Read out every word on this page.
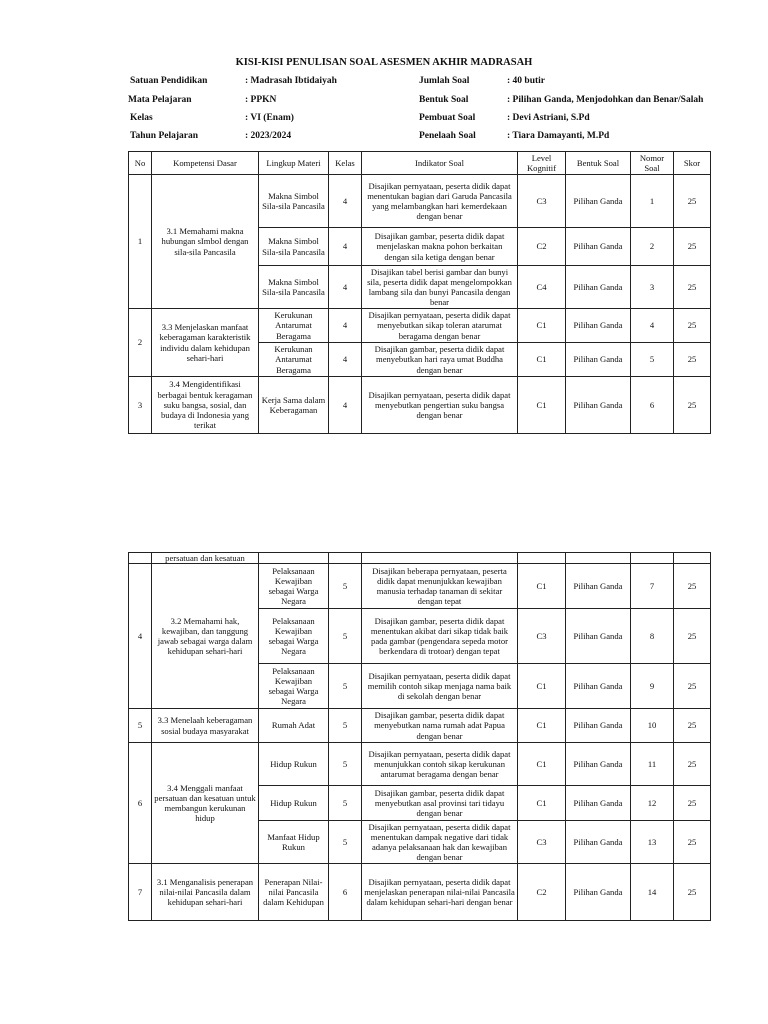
KISI-KISI PENULISAN SOAL ASESMEN AKHIR MADRASAH
Satuan Pendidikan	: Madrasah Ibtidaiyah
Mata Pelajaran	: PPKN
Kelas	: VI (Enam)
Tahun Pelajaran	: 2023/2024
Jumlah Soal	: 40 butir
Bentuk Soal	: Pilihan Ganda, Menjodohkan dan Benar/Salah
Pembuat Soal	: Devi Astriani, S.Pd
Penelaah Soal	: Tiara Damayanti, M.Pd
No	Kompetensi Dasar	Lingkup Materi	Kelas	Indikator Soal	Level Kognitif	Bentuk Soal	Nomor Soal	Skor
1	3.1 Memahami makna hubungan sImbol dengan sila-sila Pancasila	Makna Simbol Sila-sila Pancasila	4	Disajikan pernyataan, peserta didik dapat menentukan bagian dari Garuda Pancasila yang melambangkan hari kemerdekaan dengan benar	C3	Pilihan Ganda	1	25
		Makna Simbol Sila-sila Pancasila	4	Disajikan gambar, peserta didik dapat menjelaskan makna pohon berkaitan dengan sila ketiga dengan benar	C2	Pilihan Ganda	2	25
		Makna Simbol Sila-sila Pancasila	4	Disajikan tabel berisi gambar dan bunyi sila, peserta didik dapat mengelompokkan lambang sila dan bunyi Pancasila dengan benar	C4	Pilihan Ganda	3	25
2	3.3 Menjelaskan manfaat keberagaman karakteristik individu dalam kehidupan sehari-hari	Kerukunan Antarumat Beragama	4	Disajikan pernyataan, peserta didik dapat menyebutkan sikap toleran atarumat beragama dengan benar	C1	Pilihan Ganda	4	25
		Kerukunan Antarumat Beragama	4	Disajikan gambar, peserta didik dapat menyebutkan hari raya umat Buddha dengan benar	C1	Pilihan Ganda	5	25
3	3.4 Mengidentifikasi berbagai bentuk keragaman suku bangsa, sosial, dan budaya di Indonesia yang terikat	Kerja Sama dalam Keberagaman	4	Disajikan pernyataan, peserta didik dapat menyebutkan pengertian suku bangsa dengan benar	C1	Pilihan Ganda	6	25
	persatuan dan kesatuan							
4	3.2 Memahami hak, kewajiban, dan tanggung jawab sebagai warga dalam kehidupan sehari-hari	Pelaksanaan Kewajiban sebagai Warga Negara	5	Disajikan beberapa pernyataan, peserta didik dapat menunjukkan kewajiban manusia terhadap tanaman di sekitar dengan tepat	C1	Pilihan Ganda	7	25
		Pelaksanaan Kewajiban sebagai Warga Negara	5	Disajikan gambar, peserta didik dapat menentukan akibat dari sikap tidak baik pada gambar (pengendara sepeda motor berkendara di trotoar) dengan tepat	C3	Pilihan Ganda	8	25
		Pelaksanaan Kewajiban sebagai Warga Negara	5	Disajikan pernyataan, peserta didik dapat memilih contoh sikap menjaga nama baik di sekolah dengan benar	C1	Pilihan Ganda	9	25
5	3.3 Menelaah keberagaman sosial budaya masyarakat	Rumah Adat	5	Disajikan gambar, peserta didik dapat menyebutkan nama rumah adat Papua dengan benar	C1	Pilihan Ganda	10	25
6	3.4 Menggali manfaat persatuan dan kesatuan untuk membangun kerukunan hidup	Hidup Rukun	5	Disajikan pernyataan, peserta didik dapat menunjukkan contoh sikap kerukunan antarumat beragama dengan benar	C1	Pilihan Ganda	11	25
		Hidup Rukun	5	Disajikan gambar, peserta didik dapat menyebutkan asal provinsi tari tidayu dengan benar	C1	Pilihan Ganda	12	25
		Manfaat Hidup Rukun	5	Disajikan pernyataan, peserta didik dapat menentukan dampak negative dari tidak adanya pelaksanaan hak dan kewajiban dengan benar	C3	Pilihan Ganda	13	25
7	3.1 Menganalisis penerapan nilai-nilai Pancasila dalam kehidupan sehari-hari	Penerapan Nilai-nilai Pancasila dalam Kehidupan	6	Disajikan pernyataan, peserta didik dapat menjelaskan penerapan nilai-nilai Pancasila dalam kehidupan sehari-hari dengan benar	C2	Pilihan Ganda	14	25
